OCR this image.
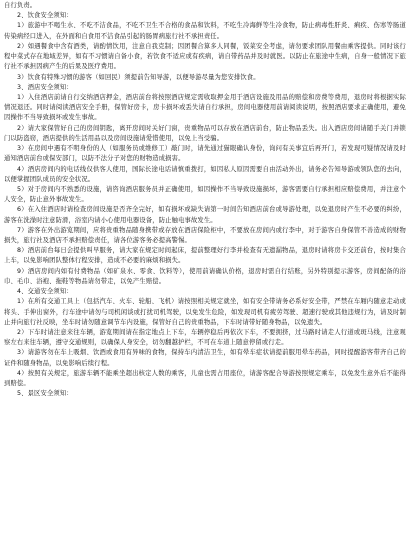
自行负责。

2、饮食安全须知：

1）旅游中不喝生水、不吃不洁食品，不吃不卫生不合格的食品和饮料，不吃生冷海鲜等生冷食物，防止病毒性肝炎、痢疾、伤寒等肠道传染病经口进入，在外面和自食用不洁食品引起的肠胃病旅行社不承担责任。

2）如遇餐食中含有酒类，请酌情饮用，注意自我克制；因团餐合算多人同餐，饭菜安全考虑，请勿要求团队用餐由乘客提供。同时该行程中菜式存在地域差异，如有不习惯请自备小食，若饮食不适应或有疾病，请自带药品并及时就医。以防止在旅途中生病，自身一般情况下旅行社不承担因病产生的后果及医疗费用。

3）饮食有特殊习惯的游客（如回民）须提前告知导游，以便导游尽量为您安排饮食。

3、酒店安全须知：

1）入住酒店前请自行交纳酒店押金，酒店前台将按照酒店规定需收取押金用于酒店设施及用品的赔偿和房费等费用，退房时将根据实际情况退还。同时请阅读酒店安全手册，保管好房卡，房卡损坏或丢失请自行承担，房间电器使用前请阅读说明，按照酒店要求正确使用，避免因操作不当导致损坏或发生事故。

2）请大家保管好自己的房间钥匙，离开房间时关好门窗，贵重物品可以存放在酒店前台，防止物品丢失。出入酒店房间请随手关门并锁门以防盗窃，酒店提供的生活用品以及房间设施请爱惜使用，以免上当受骗。

3）在房间中遇有不明身份的人（如服务员或维修工）敲门时，请先通过猫眼确认身份，询问有关事宜后再开门，若发现可疑情况请及时通知酒店前台或保安部门，以防不法分子对您的财物造成损害。

4）酒店房间内的电话线仅供客人使用，国际长途电话请慎重拨打，如因私人原因需要自由活动外出，请务必告知导游或领队您的去向，以便掌握团队成员的安全状况。

5）对于房间内不熟悉的设施，请咨询酒店服务员并正确使用，如因操作不当导致设施损坏，游客需要自行承担相应赔偿费用，并注意个人安全，防止意外事故发生。

6）在入住酒店时请检查房间设施是否齐全完好，如有损坏或缺失请第一时间告知酒店前台或导游处理，以免退房时产生不必要的纠纷，游客在洗澡时注意防滑，浴室内请小心使用电器设备，防止触电事故发生。

7）游客在外出游览期间，应将贵重物品随身携带或存放在酒店保险柜中，不要放在房间内或行李中，对于游客自身保管不善造成的财物损失，旅行社及酒店不承担赔偿责任，请各位游客务必提高警惕。

8）酒店前台每日会提供叫早服务，请大家在规定时间起床，提前整理好行李并检查有无遗漏物品，退房时请将房卡交还前台，按时集合上车，以免影响团队整体行程安排，造成不必要的麻烦和损失。

9）酒店房间内如有付费物品（如矿泉水、零食、饮料等），使用前请确认价格，退房时需自行结账，另外特别提示游客，房间配备的浴巾、毛巾、浴袍、拖鞋等物品请勿带走，以免产生赔偿。

4、交通安全须知：

1）在所有交通工具上（包括汽车、火车、轮船、飞机）请按照相关规定就坐，如有安全带请务必系好安全带，严禁在车厢内随意走动或将头、手伸出窗外，行车途中请勿与司机闲谈或打扰司机驾驶，以免发生危险，如发现司机有疲劳驾驶、超速行驶或其他违规行为，请及时制止并向旅行社反映，坐车时请勿随意调节车内设施，保管好自己的贵重物品，下车时请带好随身物品，以免遗失。

2）下车时请注意来往车辆，游览期间请在指定地点上下车，车辆停稳后再依次下车，不要拥挤，过马路时请走人行道或斑马线，注意观察左右来往车辆，遵守交通规则，以确保人身安全，切勿翻越护栏，不可在车道上随意停留或行走。

3）请游客勿在车上吸烟、饮酒或食用有异味的食物，保持车内清洁卫生，如有晕车症状请提前服用晕车药品，同时提醒游客带齐自己的证件和随身物品，以免影响后续行程。

4）按照有关规定，旅游车辆不能乘坐超出核定人数的乘客，儿童也需占用座位，请游客配合导游按照规定乘车，以免发生意外后不能得到赔偿。

5、景区安全须知：
